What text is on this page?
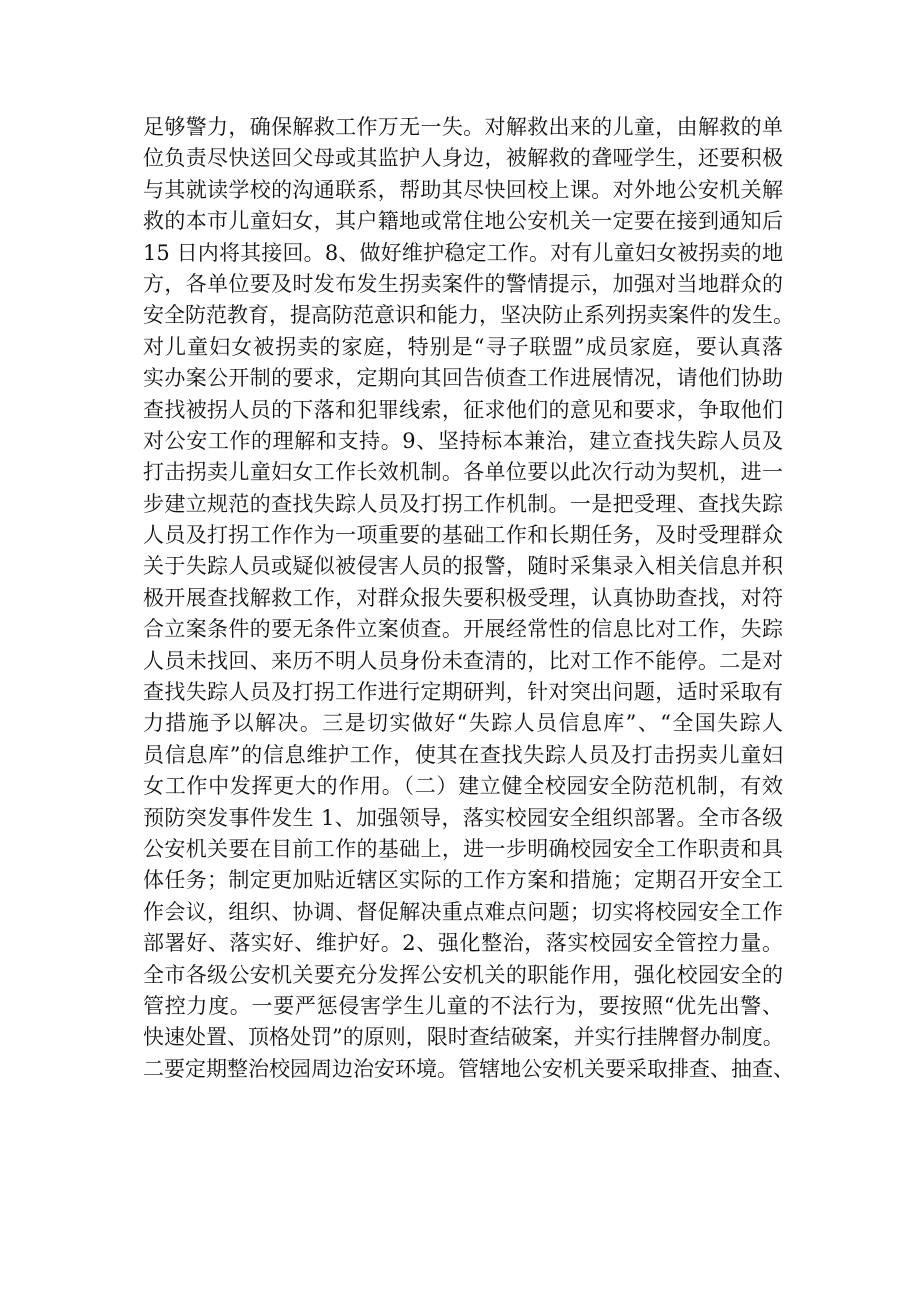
足够警力，确保解救工作万无一失。对解救出来的儿童，由解救的单
位负责尽快送回父母或其监护人身边，被解救的聋哑学生，还要积极
与其就读学校的沟通联系，帮助其尽快回校上课。对外地公安机关解
救的本市儿童妇女，其户籍地或常住地公安机关一定要在接到通知后
15 日内将其接回。8、做好维护稳定工作。对有儿童妇女被拐卖的地
方，各单位要及时发布发生拐卖案件的警情提示，加强对当地群众的
安全防范教育，提高防范意识和能力，坚决防止系列拐卖案件的发生。
对儿童妇女被拐卖的家庭，特别是“寻子联盟”成员家庭，要认真落
实办案公开制的要求，定期向其回告侦查工作进展情况，请他们协助
查找被拐人员的下落和犯罪线索，征求他们的意见和要求，争取他们
对公安工作的理解和支持。9、坚持标本兼治，建立查找失踪人员及
打击拐卖儿童妇女工作长效机制。各单位要以此次行动为契机，进一
步建立规范的查找失踪人员及打拐工作机制。一是把受理、查找失踪
人员及打拐工作作为一项重要的基础工作和长期任务，及时受理群众
关于失踪人员或疑似被侵害人员的报警，随时采集录入相关信息并积
极开展查找解救工作，对群众报失要积极受理，认真协助查找，对符
合立案条件的要无条件立案侦查。开展经常性的信息比对工作，失踪
人员未找回、来历不明人员身份未查清的，比对工作不能停。二是对
查找失踪人员及打拐工作进行定期研判，针对突出问题，适时采取有
力措施予以解决。三是切实做好“失踪人员信息库”、“全国失踪人
员信息库”的信息维护工作，使其在查找失踪人员及打击拐卖儿童妇
女工作中发挥更大的作用。（二）建立健全校园安全防范机制，有效
预防突发事件发生 1、加强领导，落实校园安全组织部署。全市各级
公安机关要在目前工作的基础上，进一步明确校园安全工作职责和具
体任务；制定更加贴近辖区实际的工作方案和措施；定期召开安全工
作会议，组织、协调、督促解决重点难点问题；切实将校园安全工作
部署好、落实好、维护好。2、强化整治，落实校园安全管控力量。
全市各级公安机关要充分发挥公安机关的职能作用，强化校园安全的
管控力度。一要严惩侵害学生儿童的不法行为，要按照“优先出警、
快速处置、顶格处罚”的原则，限时查结破案，并实行挂牌督办制度。
二要定期整治校园周边治安环境。管辖地公安机关要采取排查、抽查、
